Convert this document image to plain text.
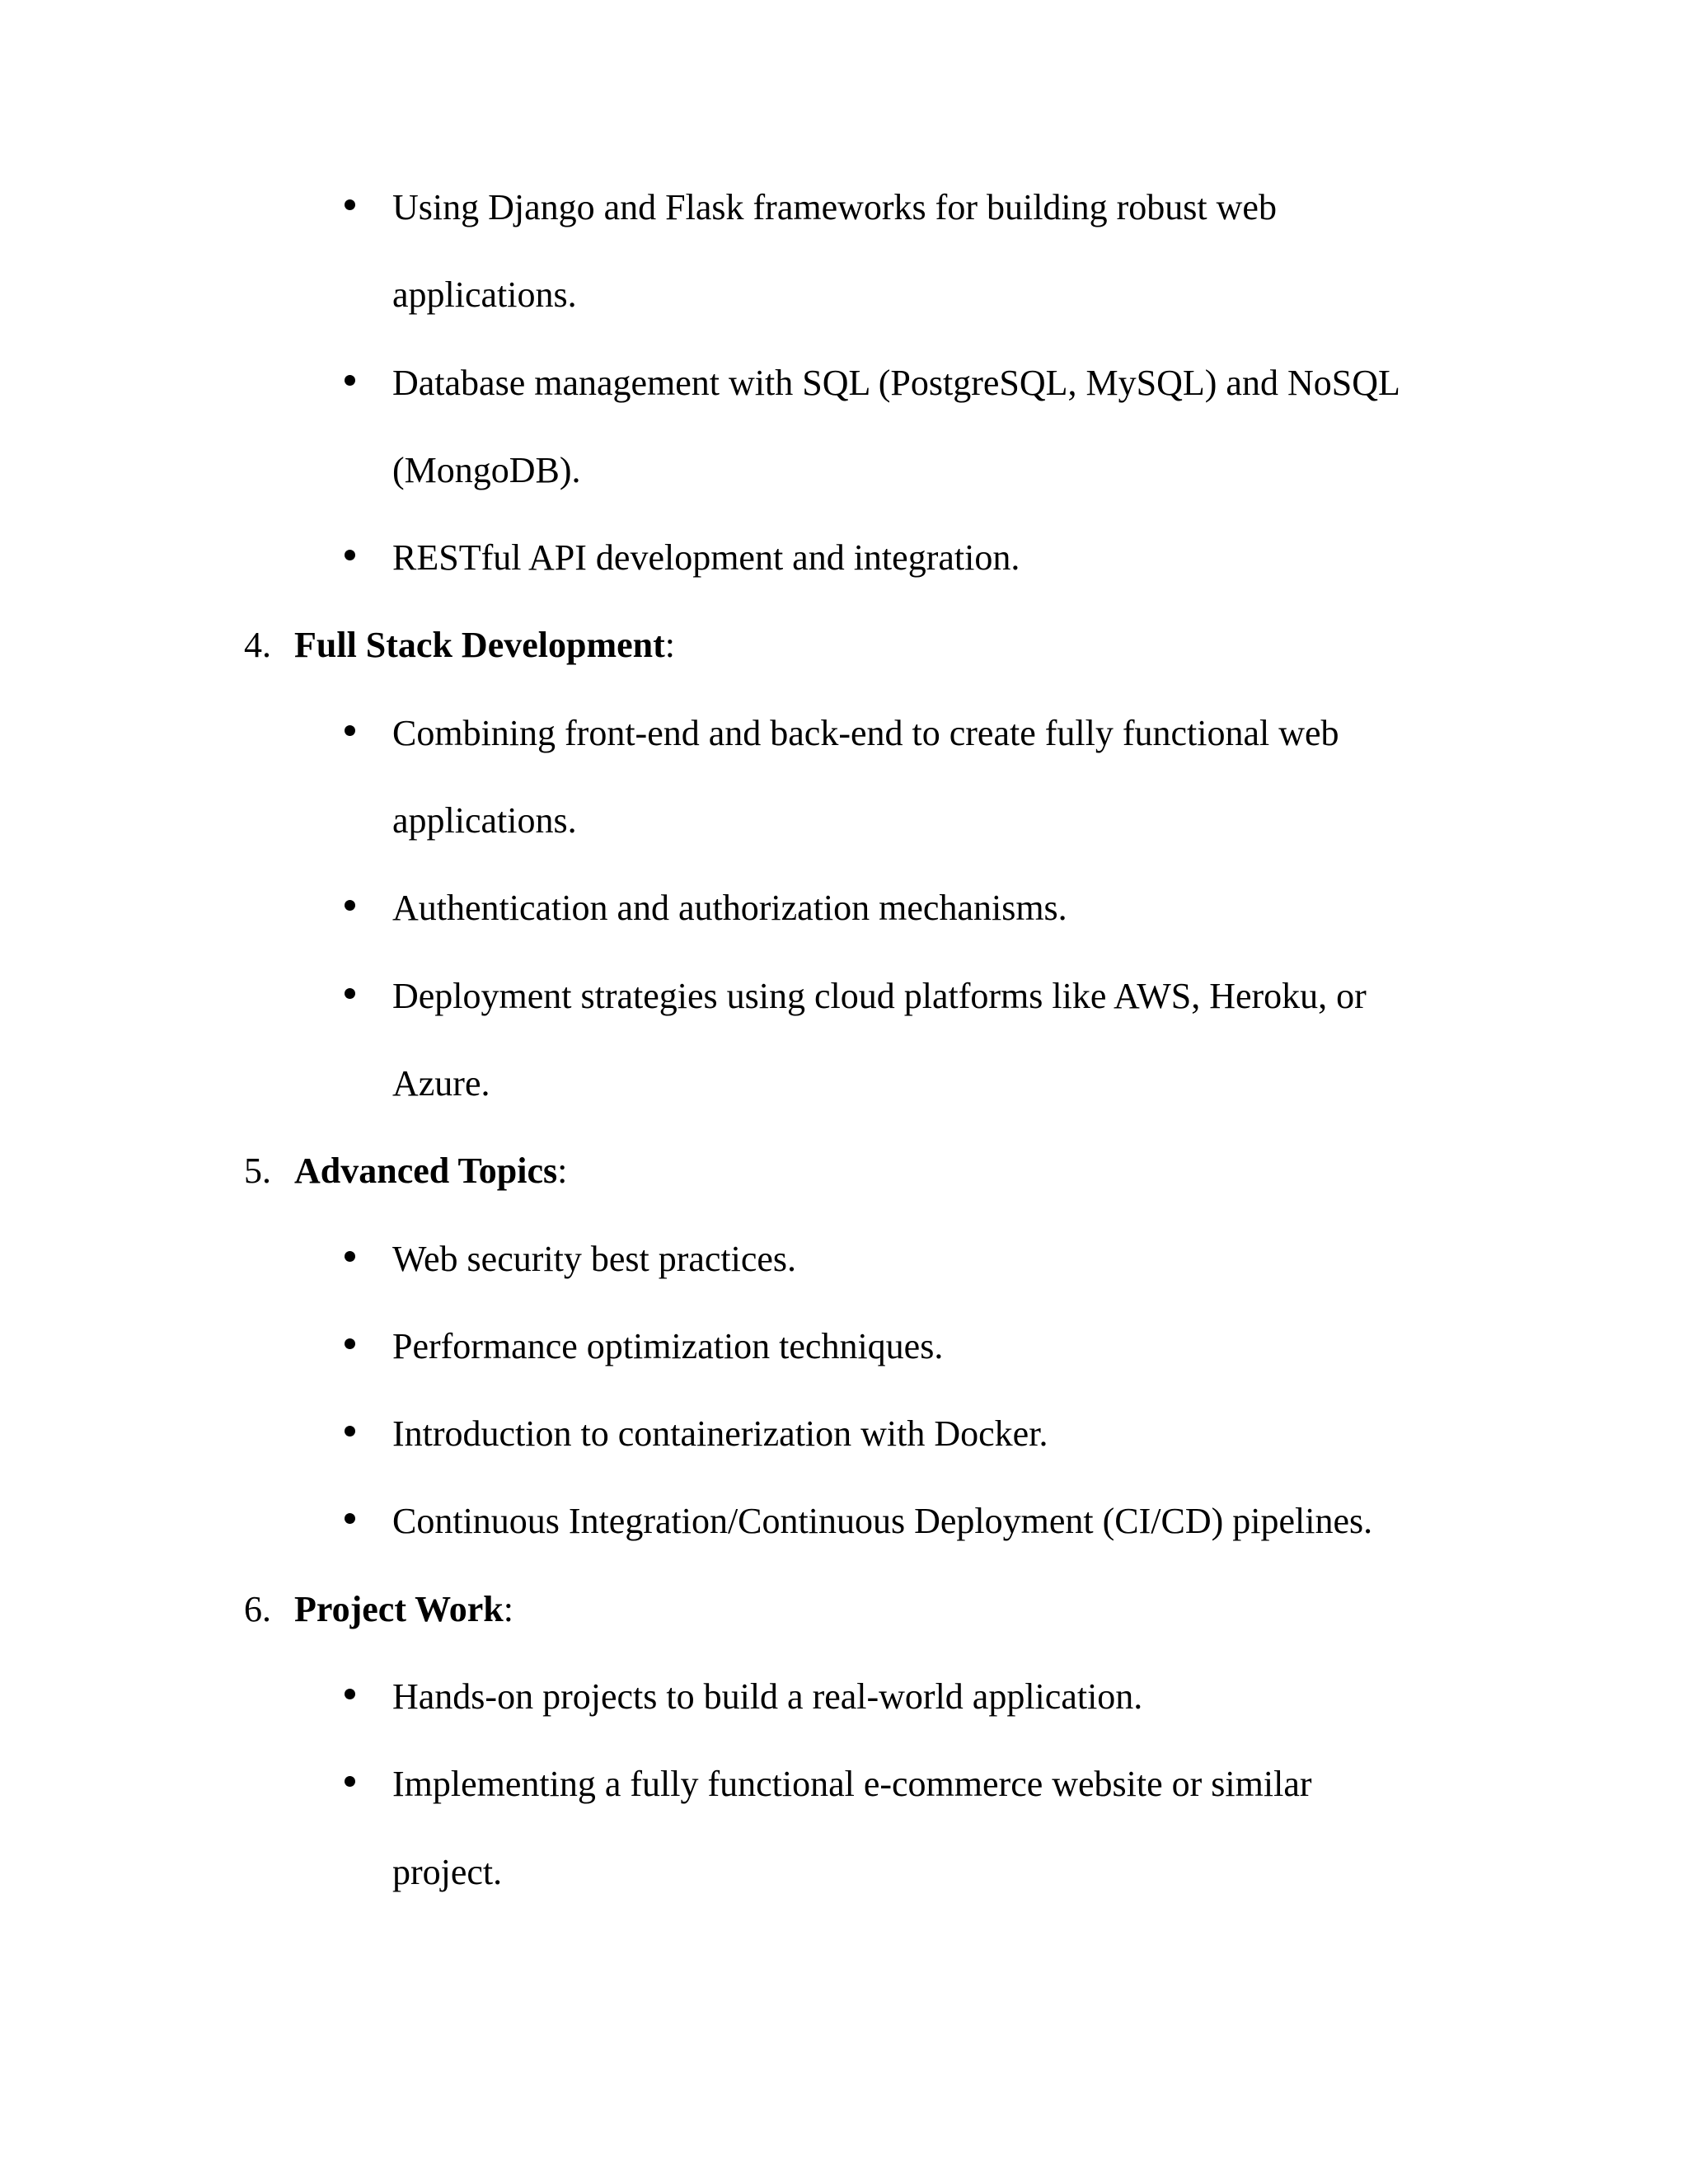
Using Django and Flask frameworks for building robust web
applications.
Database management with SQL (PostgreSQL, MySQL) and NoSQL
(MongoDB).
RESTful API development and integration.
4. Full Stack Development:
Combining front-end and back-end to create fully functional web
applications.
Authentication and authorization mechanisms.
Deployment strategies using cloud platforms like AWS, Heroku, or
Azure.
5. Advanced Topics:
Web security best practices.
Performance optimization techniques.
Introduction to containerization with Docker.
Continuous Integration/Continuous Deployment (CI/CD) pipelines.
6. Project Work:
Hands-on projects to build a real-world application.
Implementing a fully functional e-commerce website or similar
project.
